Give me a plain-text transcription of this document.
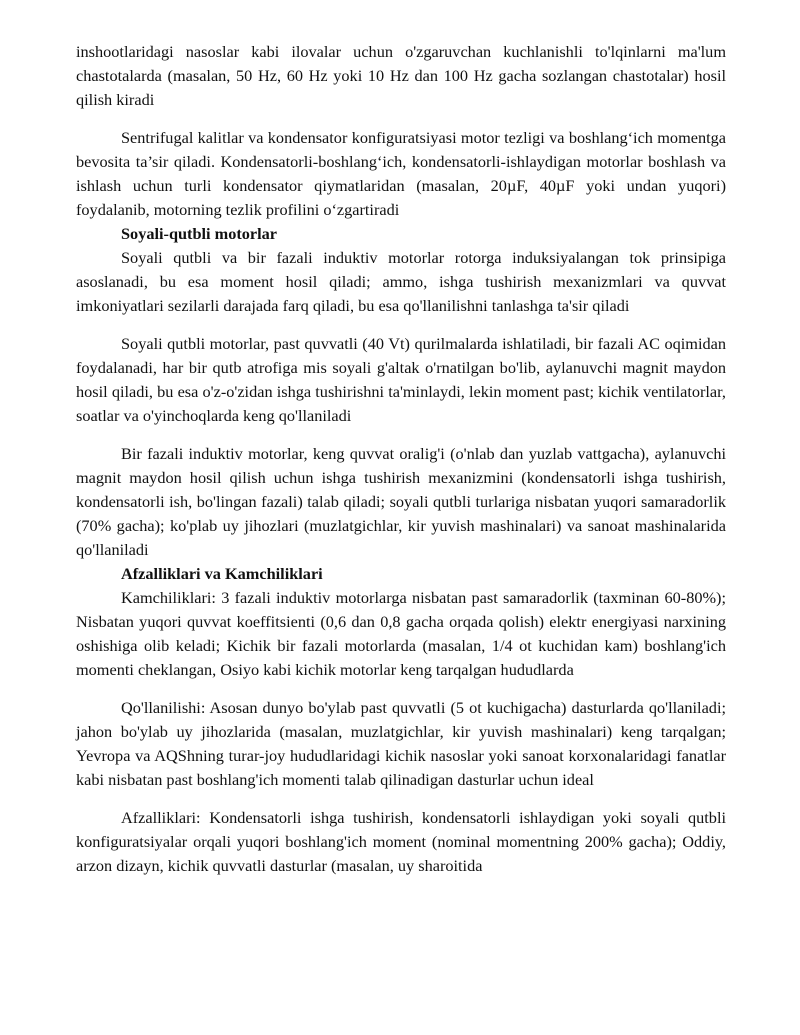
inshootlaridagi nasoslar kabi ilovalar uchun o'zgaruvchan kuchlanishli to'lqinlarni ma'lum chastotalarda (masalan, 50 Hz, 60 Hz yoki 10 Hz dan 100 Hz gacha sozlangan chastotalar) hosil qilish kiradi

Sentrifugal kalitlar va kondensator konfiguratsiyasi motor tezligi va boshlang‘ich momentga bevosita ta’sir qiladi. Kondensatorli-boshlang‘ich, kondensatorli-ishlaydigan motorlar boshlash va ishlash uchun turli kondensator qiymatlaridan (masalan, 20µF, 40µF yoki undan yuqori) foydalanib, motorning tezlik profilini o‘zgartiradi

Soyali-qutbli motorlar

Soyali qutbli va bir fazali induktiv motorlar rotorga induksiyalangan tok prinsipiga asoslanadi, bu esa moment hosil qiladi; ammo, ishga tushirish mexanizmlari va quvvat imkoniyatlari sezilarli darajada farq qiladi, bu esa qo'llanilishni tanlashga ta'sir qiladi

Soyali qutbli motorlar, past quvvatli (40 Vt) qurilmalarda ishlatiladi, bir fazali AC oqimidan foydalanadi, har bir qutb atrofiga mis soyali g'altak o'rnatilgan bo'lib, aylanuvchi magnit maydon hosil qiladi, bu esa o'z-o'zidan ishga tushirishni ta'minlaydi, lekin moment past; kichik ventilatorlar, soatlar va o'yinchoqlarda keng qo'llaniladi

Bir fazali induktiv motorlar, keng quvvat oralig'i (o'nlab dan yuzlab vattgacha), aylanuvchi magnit maydon hosil qilish uchun ishga tushirish mexanizmini (kondensatorli ishga tushirish, kondensatorli ish, bo'lingan fazali) talab qiladi; soyali qutbli turlariga nisbatan yuqori samaradorlik (70% gacha); ko'plab uy jihozlari (muzlatgichlar, kir yuvish mashinalari) va sanoat mashinalarida qo'llaniladi

Afzalliklari va Kamchiliklari

Kamchiliklari: 3 fazali induktiv motorlarga nisbatan past samaradorlik (taxminan 60-80%); Nisbatan yuqori quvvat koeffitsienti (0,6 dan 0,8 gacha orqada qolish) elektr energiyasi narxining oshishiga olib keladi; Kichik bir fazali motorlarda (masalan, 1/4 ot kuchidan kam) boshlang'ich momenti cheklangan, Osiyo kabi kichik motorlar keng tarqalgan hududlarda

Qo'llanilishi: Asosan dunyo bo'ylab past quvvatli (5 ot kuchigacha) dasturlarda qo'llaniladi; jahon bo'ylab uy jihozlarida (masalan, muzlatgichlar, kir yuvish mashinalari) keng tarqalgan; Yevropa va AQShning turar-joy hududlaridagi kichik nasoslar yoki sanoat korxonalaridagi fanatlar kabi nisbatan past boshlang'ich momenti talab qilinadigan dasturlar uchun ideal

Afzalliklari: Kondensatorli ishga tushirish, kondensatorli ishlaydigan yoki soyali qutbli konfiguratsiyalar orqali yuqori boshlang'ich moment (nominal momentning 200% gacha); Oddiy, arzon dizayn, kichik quvvatli dasturlar (masalan, uy sharoitida
